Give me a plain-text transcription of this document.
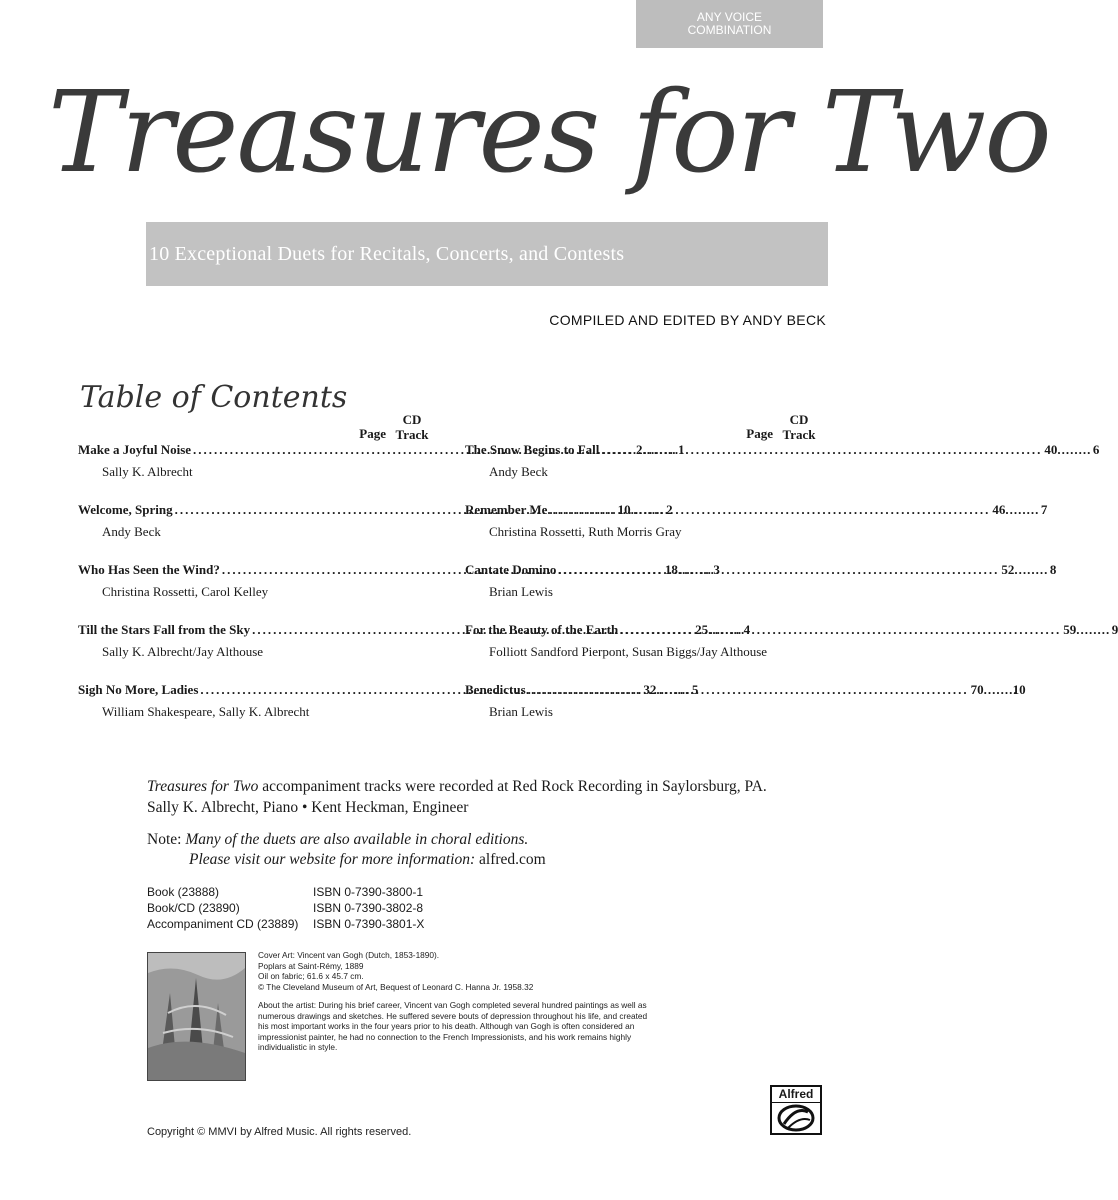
ANY VOICE
COMBINATION
Treasures for Two
10 Exceptional Duets for Recitals, Concerts, and Contests
COMPILED AND EDITED BY ANDY BECK
Table of Contents
Page
CD
Track
Make a Joyful Noise .....	2 ........	1
Sally K. Albrecht
Welcome, Spring .....	10 ........	2
Andy Beck
Who Has Seen the Wind? .....	18 ........	3
Christina Rossetti, Carol Kelley
Till the Stars Fall from the Sky .....	25 ........	4
Sally K. Albrecht/Jay Althouse
Sigh No More, Ladies .....	32 ........	5
William Shakespeare, Sally K. Albrecht
Page
CD
Track
The Snow Begins to Fall .....	40 ........	6
Andy Beck
Remember Me .....	46 ........	7
Christina Rossetti, Ruth Morris Gray
Cantate Domino .....	52 ........	8
Brian Lewis
For the Beauty of the Earth .....	59 ........	9
Folliott Sandford Pierpont, Susan Biggs/Jay Althouse
Benedictus .....	70 ........ 10
Brian Lewis
Treasures for Two accompaniment tracks were recorded at Red Rock Recording in Saylorsburg, PA.
Sally K. Albrecht, Piano • Kent Heckman, Engineer
Note: Many of the duets are also available in choral editions.
Please visit our website for more information: alfred.com
Book (23888)	ISBN 0-7390-3800-1
Book/CD (23890)	ISBN 0-7390-3802-8
Accompaniment CD (23889)	ISBN 0-7390-3801-X

Cover Art: Vincent van Gogh (Dutch, 1853-1890).

Poplars at Saint-Rémy, 1889

Oil on fabric; 61.6 x 45.7 cm.

© The Cleveland Museum of Art, Bequest of Leonard C. Hanna Jr. 1958.32

About the artist: During his brief career, Vincent van Gogh completed several hundred paintings as well as numerous drawings and sketches. He suffered severe bouts of depression throughout his life, and created his most important works in the four years prior to his death. Although van Gogh is often considered an impressionist painter, he had no connection to the French Impressionists, and his work remains highly individualistic in style.

Copyright © MMVI by Alfred Music. All rights reserved.
Alfred
